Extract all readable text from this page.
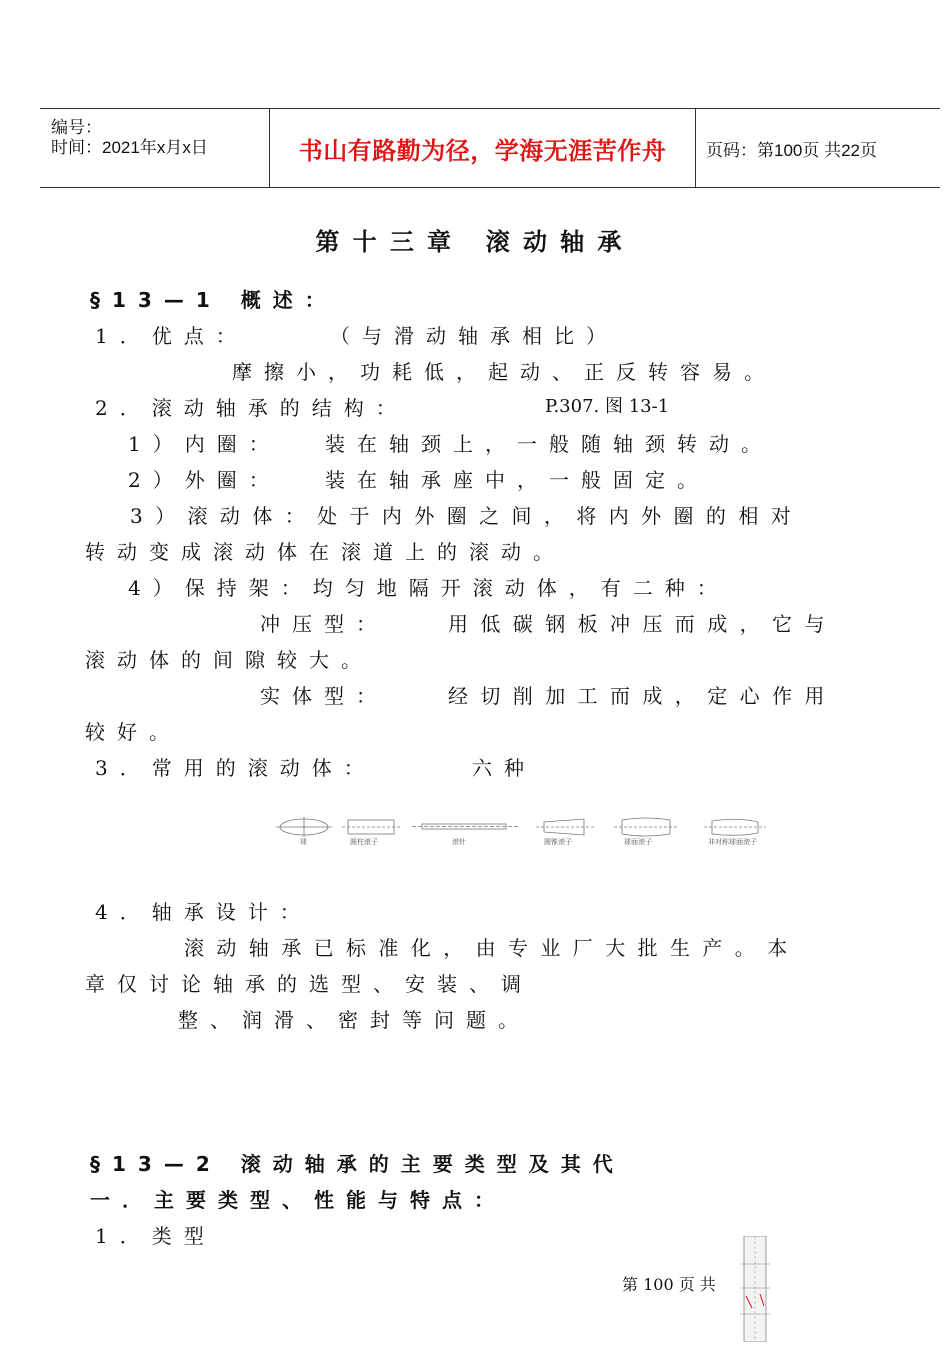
编号：
时间：2021年x月x日	书山有路勤为径，学海无涯苦作舟 页码：第100页 共22页
第十三章 滚动轴承
§13—1 概述：
1．优点：	（与滑动轴承相比）
摩擦小，功耗低，起动、正反转容易。
2．滚动轴承的结构：	P.307. 图 13-1
1）内圈： 装在轴颈上，一般随轴颈转动。
2）外圈： 装在轴承座中，一般固定。
3）滚动体：处于内外圈之间，将内外圈的相对
转动变成滚动体在滚道上的滚动。
4）保持架：均匀地隔开滚动体，有二种：
冲压型：	用低碳钢板冲压而成，它与
滚动体的间隙较大。
实体型：	经切削加工而成，定心作用
较好。
3．常用的滚动体：	六种
球	圆柱滚子	滚针	圆锥滚子	球面滚子	非对称球面滚子
4．轴承设计：
滚动轴承已标准化，由专业厂大批生产。本
章仅讨论轴承的选型、安装、调
整、润滑、密封等问题。
§13—2 滚动轴承的主要类型及其代
一．主要类型、性能与特点：
1．类型
第 100 页 共
